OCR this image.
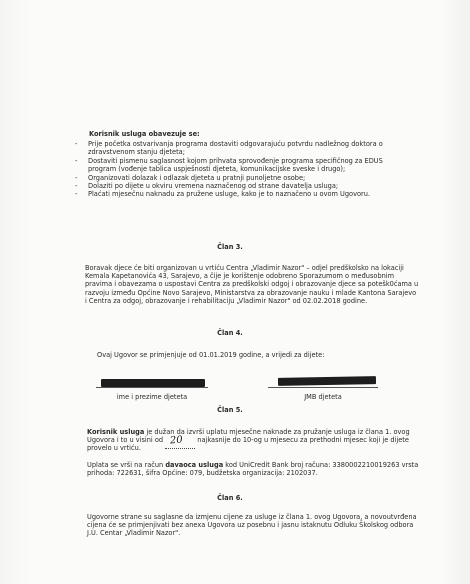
Korisnik usluga obavezuje se:
- Prije početka ostvarivanja programa dostaviti odgovarajuću potvrdu nadležnog doktora o
zdravstvenom stanju djeteta;
- Dostaviti pismenu saglasnost kojom prihvata sprovođenje programa specifičnog za EDUS
program (vođenje tablica uspješnosti djeteta, komunikacijske sveske i drugo);
- Organizovati dolazak i odlazak djeteta u pratnji punoljetne osobe;
- Dolaziti po dijete u okviru vremena naznačenog od strane davatelja usluga;
- Plaćati mjesečnu naknadu za pružene usluge, kako je to naznačeno u ovom Ugovoru.
Član 3.
Boravak djece će biti organizovan u vrtiću Centra „Vladimir Nazor" – odjel predškolsko na lokaciji
Kemala Kapetanovića 43, Sarajevo, a čije je korištenje odobreno Sporazumom o međusobnim
pravima i obavezama o uspostavi Centra za predškolski odgoj i obrazovanje djece sa potešk0ćama u
razvoju između Općine Novo Sarajevo, Ministarstva za obrazovanje nauku i mlade Kantona Sarajevo
i Centra za odgoj, obrazovanje i rehabilitaciju „Vladimir Nazor" od 02.02.2018 godine.
Član 4.
Ovaj Ugovor se primjenjuje od 01.01.2019 godine, a vrijedi za dijete:
ime i prezime djeteta	JMB djeteta
Član 5.
Korisnik usluga je dužan da izvrši uplatu mjesečne naknade za pružanje usluga iz člana 1. ovog
Ugovora i to u visini od 20 najkasnije do 10-og u mjesecu za prethodni mjesec koji je dijete
provelo u vrtiću.
Uplata se vrši na račun davaoca usluga kod UniCredit Bank broj računa: 3380002210019263 vrsta
prihoda: 722631, šifra Općine: 079, budžetska organizacija: 2102037.
Član 6.
Ugovorne strane su saglasne da izmjenu cijene za usluge iz člana 1. ovog Ugovora, a novoutvrđena
cijena će se primjenjivati bez anexa Ugovora uz posebnu i jasnu istaknutu Odluku Školskog odbora
J.U. Centar „Vladimir Nazor".
